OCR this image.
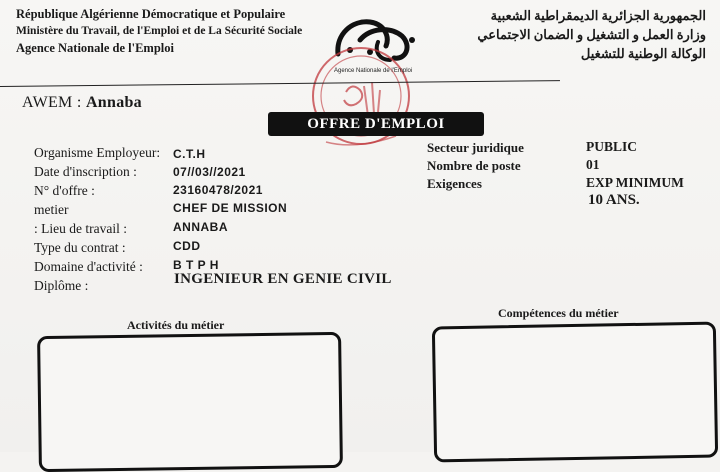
République Algérienne Démocratique et Populaire
Ministère du Travail, de l'Emploi et de La Sécurité Sociale
Agence Nationale de l'Emploi
الجمهورية الجزائرية الديمقراطية الشعبية
وزارة العمل و التشغيل و الضمان الاجتماعي
الوكالة الوطنية للتشغيل
Agence Nationale de l'Emploi
AWEM : Annaba
OFFRE D'EMPLOI
Organisme Employeur:
Date d'inscription :
N° d'offre :
metier
: Lieu de travail :
Type du contrat :
Domaine d'activité :
Diplôme :
C.T.H
07//03//2021
23160478/2021
CHEF DE MISSION
ANNABA
CDD
B T P H
INGENIEUR EN GENIE CIVIL
Secteur juridique
Nombre de poste
Exigences
PUBLIC
01
EXP MINIMUM
10 ANS.
Activités du métier
Compétences du métier
